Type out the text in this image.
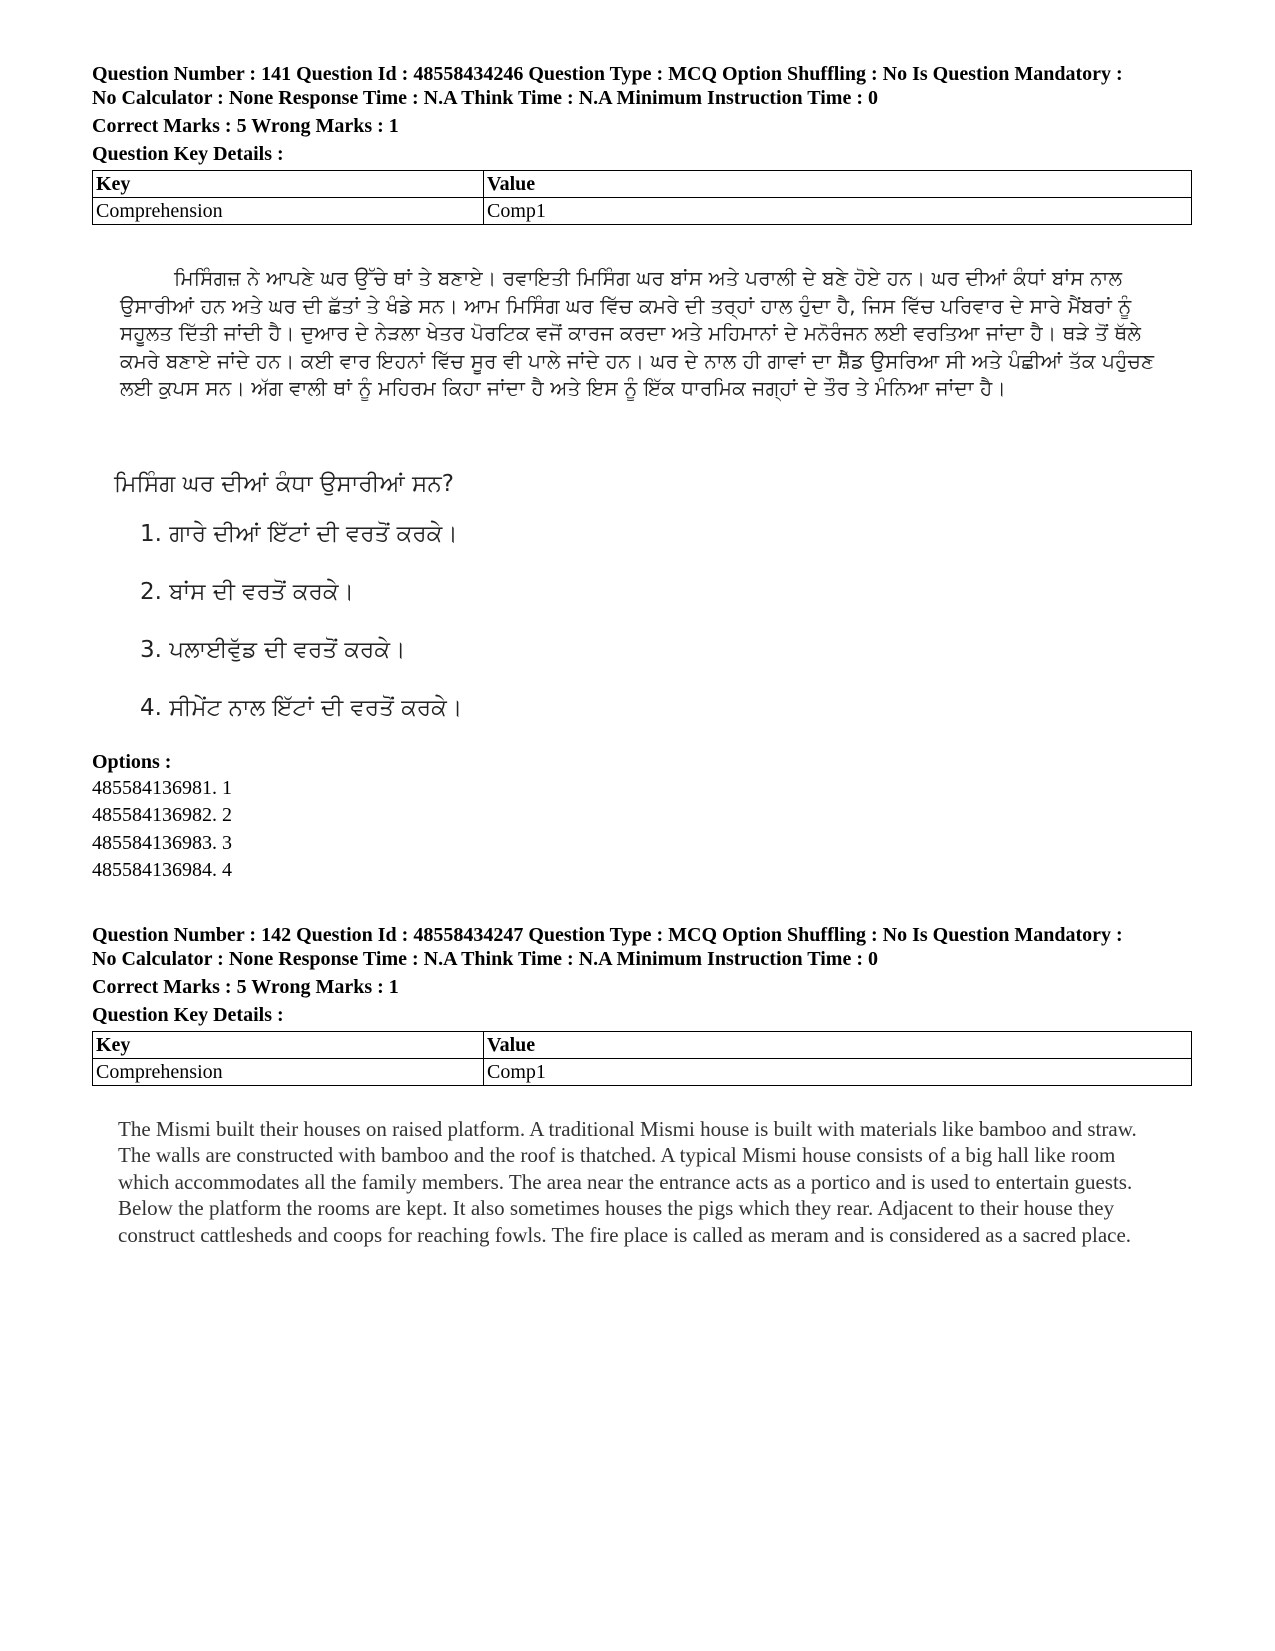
Question Number : 141 Question Id : 48558434246 Question Type : MCQ Option Shuffling : No Is Question Mandatory :
No Calculator : None Response Time : N.A Think Time : N.A Minimum Instruction Time : 0

Correct Marks : 5 Wrong Marks : 1

Question Key Details :

Key	Value
Comprehension	Comp1

ਮਿਸਿੰਗਜ਼ ਨੇ ਆਪਣੇ ਘਰ ਉੱਚੇ ਥਾਂ ਤੇ ਬਣਾਏ। ਰਵਾਇਤੀ ਮਿਸਿੰਗ ਘਰ ਬਾਂਸ ਅਤੇ ਪਰਾਲੀ ਦੇ ਬਣੇ ਹੋਏ ਹਨ। ਘਰ ਦੀਆਂ ਕੰਧਾਂ ਬਾਂਸ ਨਾਲ ਉਸਾਰੀਆਂ ਹਨ ਅਤੇ ਘਰ ਦੀ ਛੱਤਾਂ ਤੇ ਖੰਡੇ ਸਨ। ਆਮ ਮਿਸਿੰਗ ਘਰ ਵਿੱਚ ਕਮਰੇ ਦੀ ਤਰ੍ਹਾਂ ਹਾਲ ਹੁੰਦਾ ਹੈ, ਜਿਸ ਵਿੱਚ ਪਰਿਵਾਰ ਦੇ ਸਾਰੇ ਮੈਂਬਰਾਂ ਨੂੰ ਸਹੂਲਤ ਦਿੱਤੀ ਜਾਂਦੀ ਹੈ। ਦੁਆਰ ਦੇ ਨੇੜਲਾ ਖੇਤਰ ਪੋਰਟਿਕ ਵਜੋਂ ਕਾਰਜ ਕਰਦਾ ਅਤੇ ਮਹਿਮਾਨਾਂ ਦੇ ਮਨੋਰੰਜਨ ਲਈ ਵਰਤਿਆ ਜਾਂਦਾ ਹੈ। ਥੜੇ ਤੋਂ ਥੱਲੇ ਕਮਰੇ ਬਣਾਏ ਜਾਂਦੇ ਹਨ। ਕਈ ਵਾਰ ਇਹਨਾਂ ਵਿੱਚ ਸੂਰ ਵੀ ਪਾਲੇ ਜਾਂਦੇ ਹਨ। ਘਰ ਦੇ ਨਾਲ ਹੀ ਗਾਵਾਂ ਦਾ ਸ਼ੈੱਡ ਉਸਰਿਆ ਸੀ ਅਤੇ ਪੰਛੀਆਂ ਤੱਕ ਪਹੁੰਚਣ ਲਈ ਕੁਪਸ ਸਨ। ਅੱਗ ਵਾਲੀ ਥਾਂ ਨੂੰ ਮਹਿਰਮ ਕਿਹਾ ਜਾਂਦਾ ਹੈ ਅਤੇ ਇਸ ਨੂੰ ਇੱਕ ਧਾਰਮਿਕ ਜਗ੍ਹਾਂ ਦੇ ਤੌਰ ਤੇ ਮੰਨਿਆ ਜਾਂਦਾ ਹੈ।

ਮਿਸਿੰਗ ਘਰ ਦੀਆਂ ਕੰਧਾ ਉਸਾਰੀਆਂ ਸਨ?

1. ਗਾਰੇ ਦੀਆਂ ਇੱਟਾਂ ਦੀ ਵਰਤੋਂ ਕਰਕੇ।
2. ਬਾਂਸ ਦੀ ਵਰਤੋਂ ਕਰਕੇ।
3. ਪਲਾਈਵੁੱਡ ਦੀ ਵਰਤੋਂ ਕਰਕੇ।
4. ਸੀਮੇਂਟ ਨਾਲ ਇੱਟਾਂ ਦੀ ਵਰਤੋਂ ਕਰਕੇ।

Options :

485584136981. 1
485584136982. 2
485584136983. 3
485584136984. 4

Question Number : 142 Question Id : 48558434247 Question Type : MCQ Option Shuffling : No Is Question Mandatory :
No Calculator : None Response Time : N.A Think Time : N.A Minimum Instruction Time : 0

Correct Marks : 5 Wrong Marks : 1

Question Key Details :

Key	Value
Comprehension	Comp1

The Mismi built their houses on raised platform. A traditional Mismi house is built with materials like bamboo and straw. The walls are constructed with bamboo and the roof is thatched. A typical Mismi house consists of a big hall like room which accommodates all the family members. The area near the entrance acts as a portico and is used to entertain guests. Below the platform the rooms are kept. It also sometimes houses the pigs which they rear. Adjacent to their house they construct cattlesheds and coops for reaching fowls. The fire place is called as meram and is considered as a sacred place.
